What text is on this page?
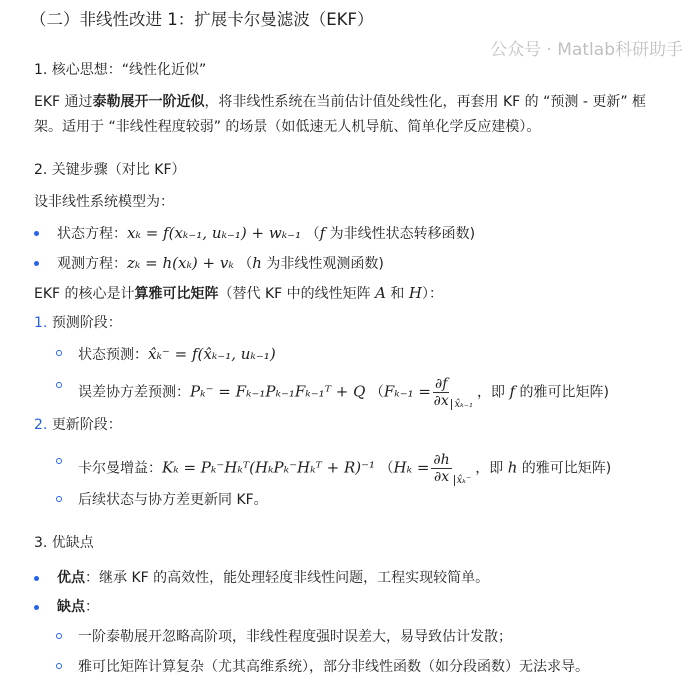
（二）非线性改进 1：扩展卡尔曼滤波（EKF）
1. 核心思想：“线性化近似”
EKF 通过泰勒展开一阶近似，将非线性系统在当前估计值处线性化，再套用 KF 的 “预测 - 更新” 框
架。适用于 “非线性程度较弱” 的场景（如低速无人机导航、简单化学反应建模）。
2. 关键步骤（对比 KF）
设非线性系统模型为：
状态方程：xₖ = f(xₖ₋₁, uₖ₋₁) + wₖ₋₁ （f 为非线性状态转移函数)
观测方程：zₖ = h(xₖ) + vₖ （h 为非线性观测函数)
EKF 的核心是计算雅可比矩阵（替代 KF 中的线性矩阵 A 和 H）：
1. 预测阶段：
状态预测：x̂ₖ⁻ = f(x̂ₖ₋₁, uₖ₋₁)
误差协方差预测：Pₖ⁻ = Fₖ₋₁Pₖ₋₁Fₖ₋₁ᵀ + Q （$F_{k-1} = \frac{\partial f}{\partial x} _{x̂_{k-1}}$，即 f 的雅可比矩阵)
2. 更新阶段：
卡尔曼增益：Kₖ = Pₖ⁻Hₖᵀ(HₖPₖ⁻Hₖᵀ + R)⁻¹ （$H_k = \frac{\partial h}{\partial x} _{x̂_k^-}$，即 h 的雅可比矩阵)
后续状态与协方差更新同 KF。
3. 优缺点
优点：继承 KF 的高效性，能处理轻度非线性问题，工程实现较简单。
缺点：
一阶泰勒展开忽略高阶项，非线性程度强时误差大，易导致估计发散；
雅可比矩阵计算复杂（尤其高维系统），部分非线性函数（如分段函数）无法求导。
公众号 · Matlab科研助手
